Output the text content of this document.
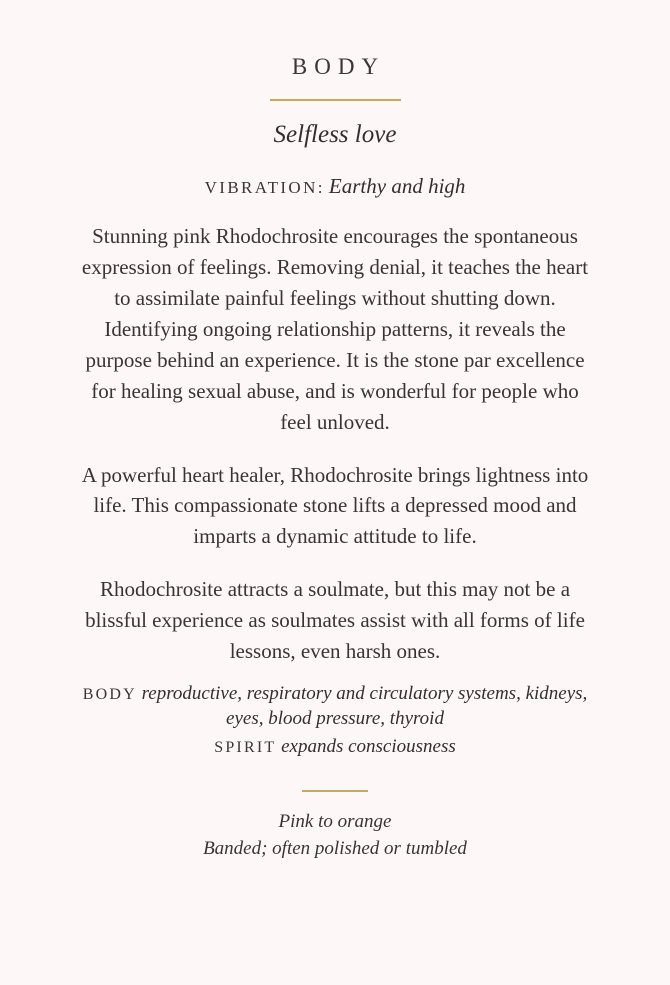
BODY
Selfless love
VIBRATION: Earthy and high

Stunning pink Rhodochrosite encourages the spontaneous expression of feelings. Removing denial, it teaches the heart to assimilate painful feelings without shutting down. Identifying ongoing relationship patterns, it reveals the purpose behind an experience. It is the stone par excellence for healing sexual abuse, and is wonderful for people who feel unloved.

A powerful heart healer, Rhodochrosite brings lightness into life. This compassionate stone lifts a depressed mood and imparts a dynamic attitude to life.

Rhodochrosite attracts a soulmate, but this may not be a blissful experience as soulmates assist with all forms of life lessons, even harsh ones.

BODY reproductive, respiratory and circulatory systems, kidneys, eyes, blood pressure, thyroid
SPIRIT expands consciousness
Pink to orange
Banded; often polished or tumbled
